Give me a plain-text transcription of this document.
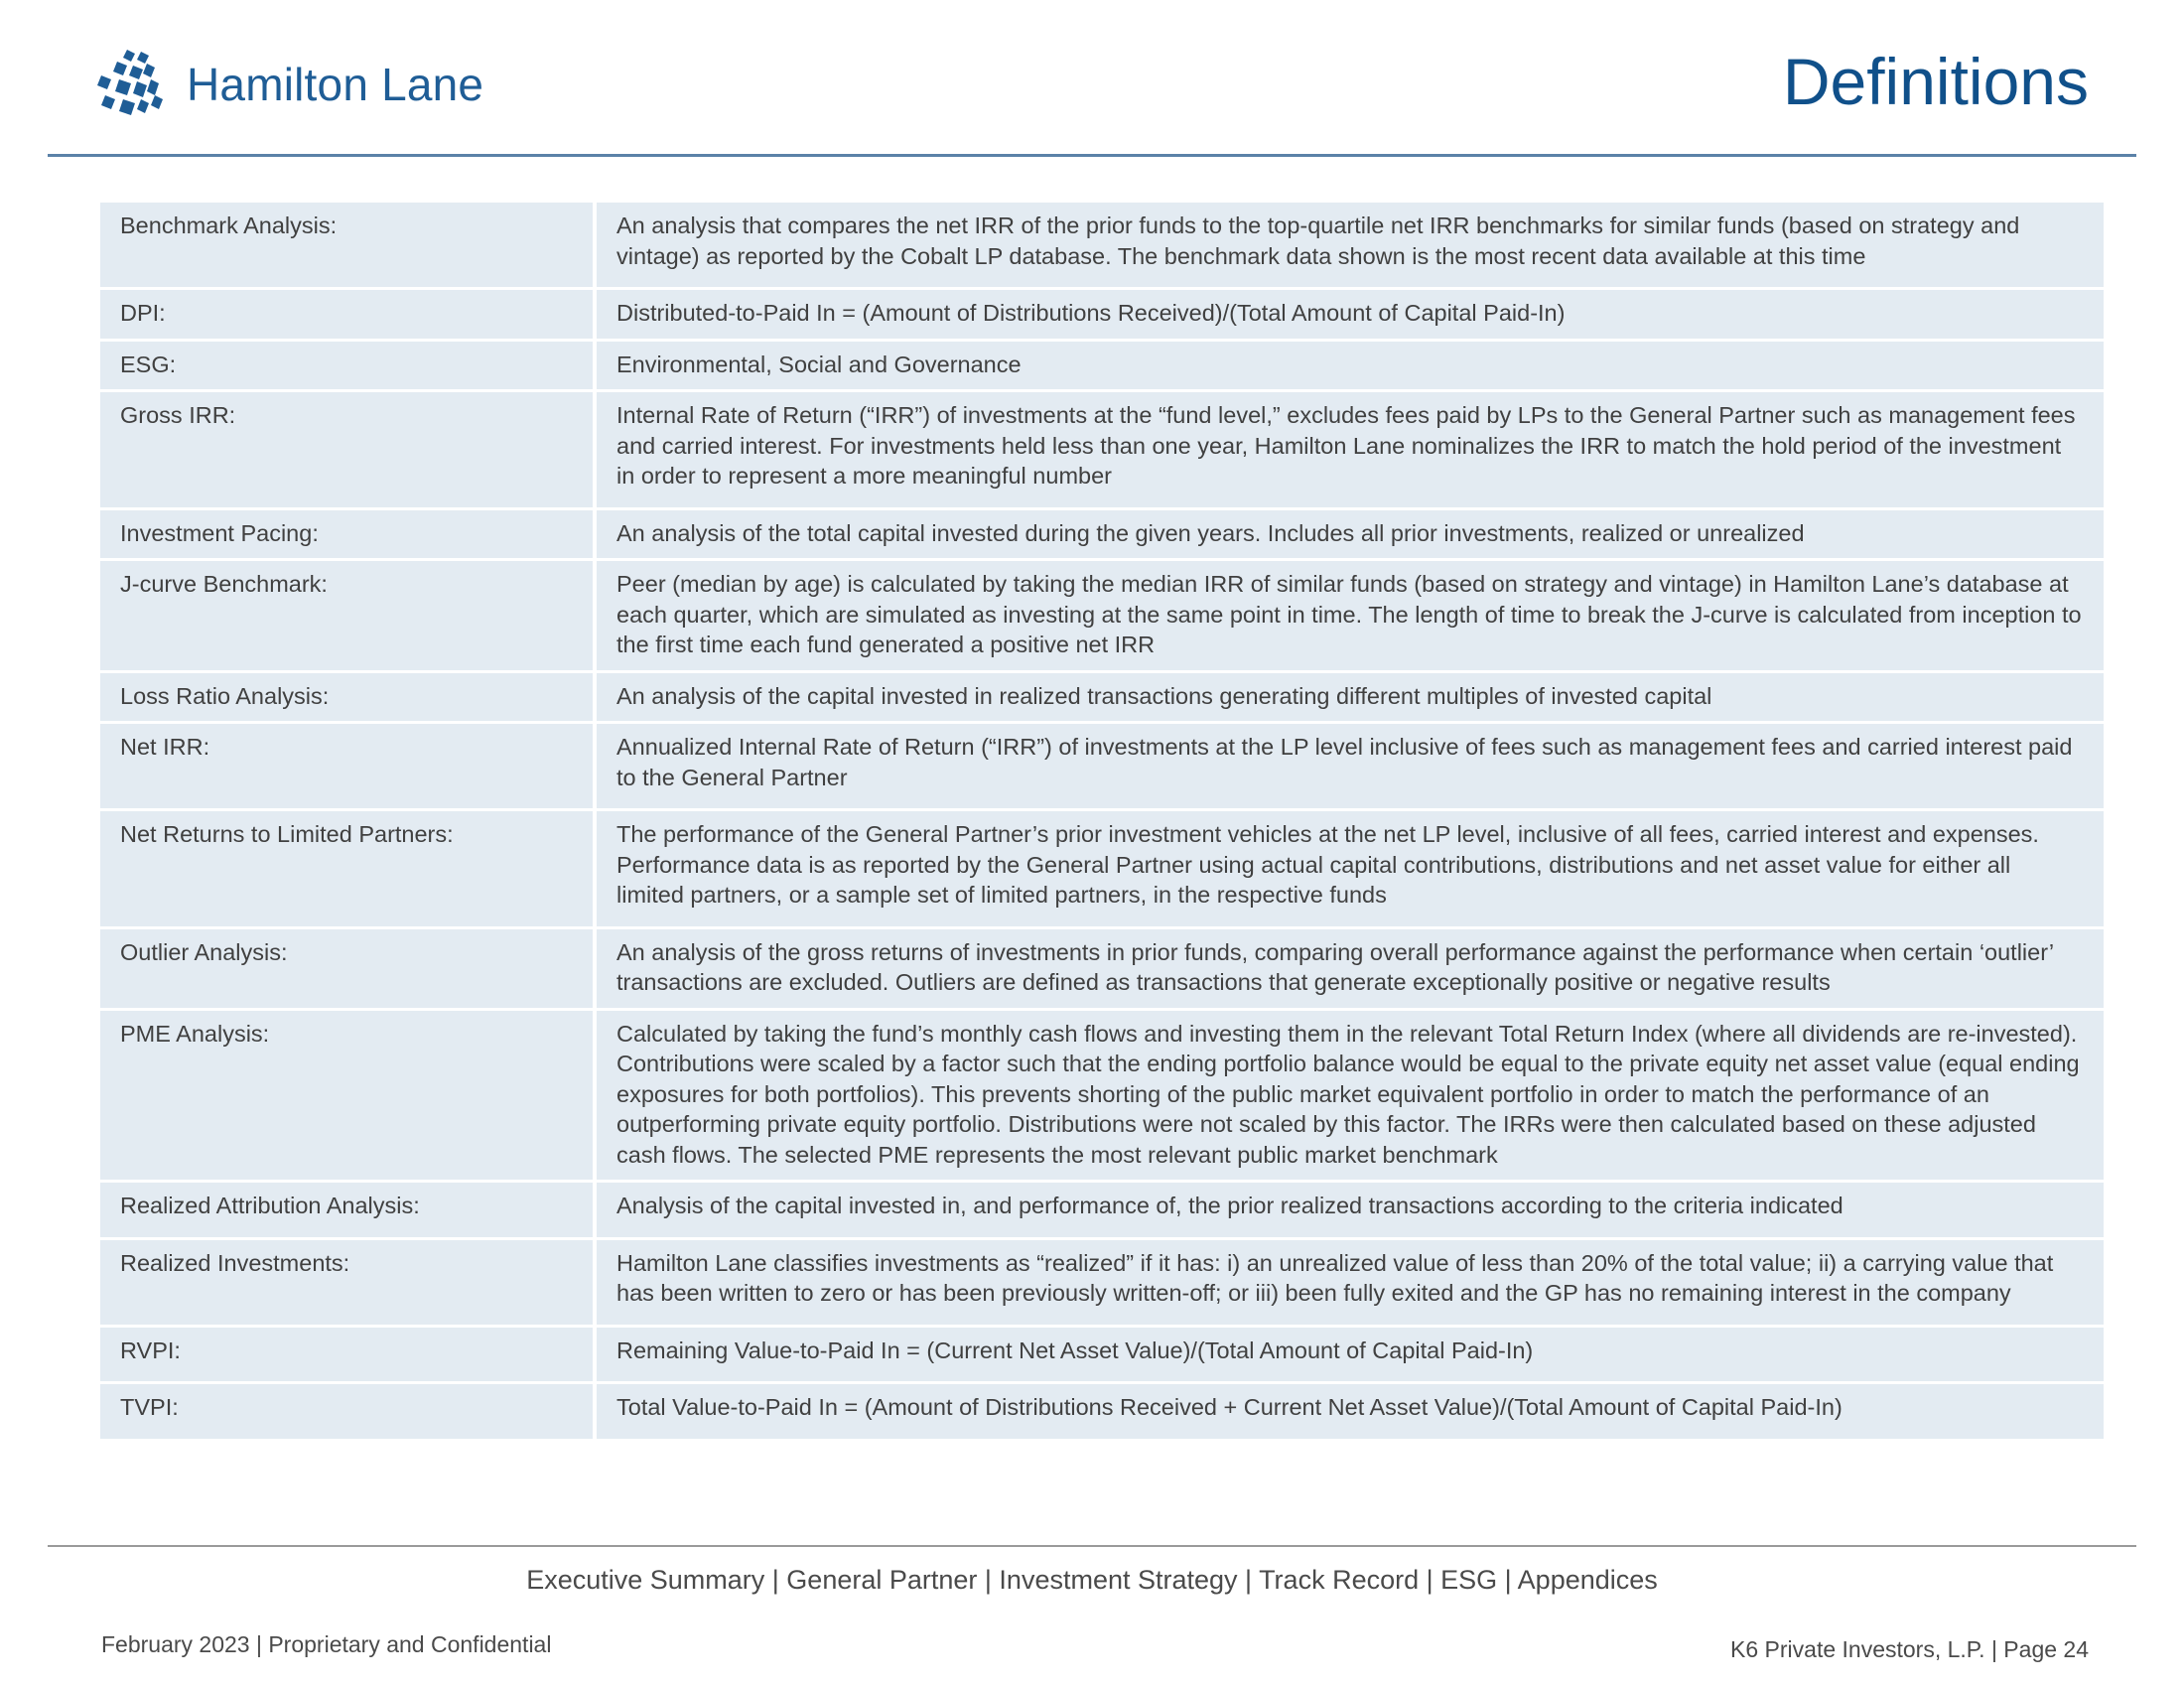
Hamilton Lane	Definitions
Benchmark Analysis:	An analysis that compares the net IRR of the prior funds to the top-quartile net IRR benchmarks for similar funds (based on strategy and vintage) as reported by the Cobalt LP database. The benchmark data shown is the most recent data available at this time
DPI:	Distributed-to-Paid In = (Amount of Distributions Received)/(Total Amount of Capital Paid-In)
ESG:	Environmental, Social and Governance
Gross IRR:	Internal Rate of Return (“IRR”) of investments at the “fund level,” excludes fees paid by LPs to the General Partner such as management fees and carried interest. For investments held less than one year, Hamilton Lane nominalizes the IRR to match the hold period of the investment in order to represent a more meaningful number
Investment Pacing:	An analysis of the total capital invested during the given years. Includes all prior investments, realized or unrealized
J-curve Benchmark:	Peer (median by age) is calculated by taking the median IRR of similar funds (based on strategy and vintage) in Hamilton Lane’s database at each quarter, which are simulated as investing at the same point in time. The length of time to break the J-curve is calculated from inception to the first time each fund generated a positive net IRR
Loss Ratio Analysis:	An analysis of the capital invested in realized transactions generating different multiples of invested capital
Net IRR:	Annualized Internal Rate of Return (“IRR”) of investments at the LP level inclusive of fees such as management fees and carried interest paid to the General Partner
Net Returns to Limited Partners:	The performance of the General Partner’s prior investment vehicles at the net LP level, inclusive of all fees, carried interest and expenses. Performance data is as reported by the General Partner using actual capital contributions, distributions and net asset value for either all limited partners, or a sample set of limited partners, in the respective funds
Outlier Analysis:	An analysis of the gross returns of investments in prior funds, comparing overall performance against the performance when certain ‘outlier’ transactions are excluded. Outliers are defined as transactions that generate exceptionally positive or negative results
PME Analysis:	Calculated by taking the fund’s monthly cash flows and investing them in the relevant Total Return Index (where all dividends are re-invested). Contributions were scaled by a factor such that the ending portfolio balance would be equal to the private equity net asset value (equal ending exposures for both portfolios). This prevents shorting of the public market equivalent portfolio in order to match the performance of an outperforming private equity portfolio. Distributions were not scaled by this factor. The IRRs were then calculated based on these adjusted cash flows. The selected PME represents the most relevant public market benchmark
Realized Attribution Analysis:	Analysis of the capital invested in, and performance of, the prior realized transactions according to the criteria indicated
Realized Investments:	Hamilton Lane classifies investments as “realized” if it has: i) an unrealized value of less than 20% of the total value; ii) a carrying value that has been written to zero or has been previously written-off; or iii) been fully exited and the GP has no remaining interest in the company
RVPI:	Remaining Value-to-Paid In = (Current Net Asset Value)/(Total Amount of Capital Paid-In)
TVPI:	Total Value-to-Paid In = (Amount of Distributions Received + Current Net Asset Value)/(Total Amount of Capital Paid-In)
Executive Summary | General Partner | Investment Strategy | Track Record | ESG | Appendices
February 2023 | Proprietary and Confidential	K6 Private Investors, L.P. | Page 24
